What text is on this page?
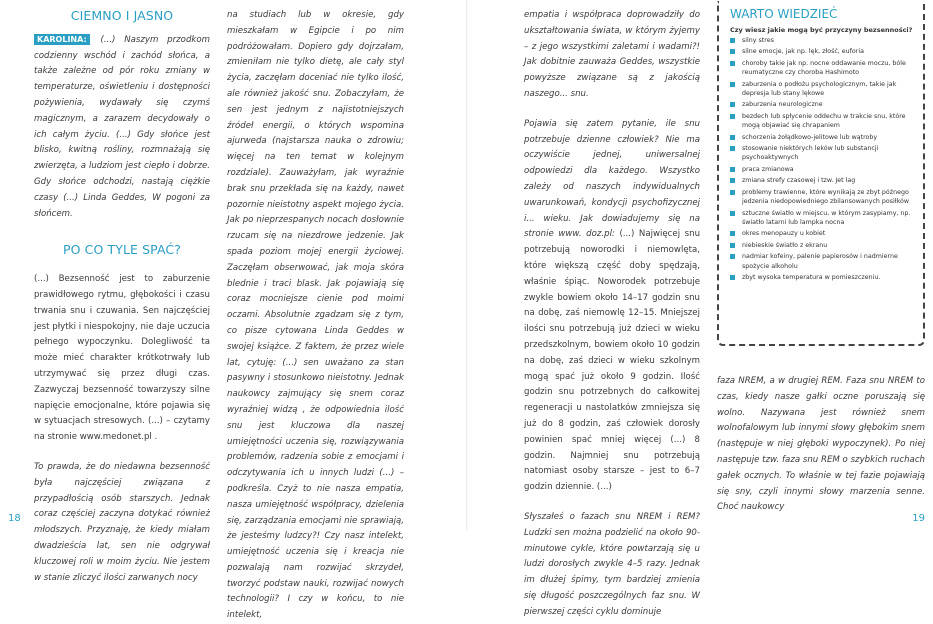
CIEMNO I JASNO

KAROLINA: (...) Naszym przodkom codzienny wschód i zachód słońca, a także zależne od pór roku zmiany w temperaturze, oświetleniu i dostępności pożywienia, wydawały się czymś magicznym, a zarazem decydowały o ich całym życiu. (...) Gdy słońce jest blisko, kwitną rośliny, rozmnażają się zwierzęta, a ludziom jest ciepło i dobrze. Gdy słońce odchodzi, nastają ciężkie czasy (...) Linda Geddes, W pogoni za słońcem.

PO CO TYLE SPAĆ?

(...) Bezsenność jest to zaburzenie prawidłowego rytmu, głębokości i czasu trwania snu i czuwania. Sen najczęściej jest płytki i niespokojny, nie daje uczucia pełnego wypoczynku. Dolegliwość ta może mieć charakter krótkotrwały lub utrzymywać się przez długi czas. Zazwyczaj bezsenność towarzyszy silne napięcie emocjonalne, które pojawia się w sytuacjach stresowych. (...) – czytamy na stronie www.medonet.pl .

To prawda, że do niedawna bezsenność była najczęściej związana z przypadłością osób starszych. Jednak coraz częściej zaczyna dotykać również młodszych. Przyznaję, że kiedy miałam dwadzieścia lat, sen nie odgrywał kluczowej roli w moim życiu. Nie jestem w stanie zliczyć ilości zarwanych nocy

na studiach lub w okresie, gdy mieszkałam w Egipcie i po nim podróżowałam. Dopiero gdy dojrzałam, zmieniłam nie tylko dietę, ale cały styl życia, zaczęłam doceniać nie tylko ilość, ale również jakość snu. Zobaczyłam, że sen jest jednym z najistotniejszych źródeł energii, o których wspomina ajurweda (najstarsza nauka o zdrowiu; więcej na ten temat w kolejnym rozdziale). Zauważyłam, jak wyraźnie brak snu przekłada się na każdy, nawet pozornie nieistotny aspekt mojego życia. Jak po nieprzespanych nocach dosłownie rzucam się na niezdrowe jedzenie. Jak spada poziom mojej energii życiowej. Zaczęłam obserwować, jak moja skóra blednie i traci blask. Jak pojawiają się coraz mocniejsze cienie pod moimi oczami. Absolutnie zgadzam się z tym, co pisze cytowana Linda Geddes w swojej książce. Z faktem, że przez wiele lat, cytuję: (...) sen uważano za stan pasywny i stosunkowo nieistotny. Jednak naukowcy zajmujący się snem coraz wyraźniej widzą , że odpowiednia ilość snu jest kluczowa dla naszej umiejętności uczenia się, rozwiązywania problemów, radzenia sobie z emocjami i odczytywania ich u innych ludzi (...) – podkreśla. Czyż to nie nasza empatia, nasza umiejętność współpracy, dzielenia się, zarządzania emocjami nie sprawiają, że jesteśmy ludzcy?! Czy nasz intelekt, umiejętność uczenia się i kreacja nie pozwalają nam rozwijać skrzydeł, tworzyć podstaw nauki, rozwijać nowych technologii? I czy w końcu, to nie intelekt,

18

empatia i współpraca doprowadziły do ukształtowania świata, w którym żyjemy – z jego wszystkimi zaletami i wadami?! Jak dobitnie zauważa Geddes, wszystkie powyższe związane są z jakością naszego... snu.

Pojawia się zatem pytanie, ile snu potrzebuje dzienne człowiek? Nie ma oczywiście jednej, uniwersalnej odpowiedzi dla każdego. Wszystko zależy od naszych indywidualnych uwarunkowań, kondycji psychofizycznej i... wieku. Jak dowiadujemy się na stronie www. doz.pl: (...) Najwięcej snu potrzebują noworodki i niemowlęta, które większą część doby spędzają, właśnie śpiąc. Noworodek potrzebuje zwykle bowiem około 14–17 godzin snu na dobę, zaś niemowlę 12–15. Mniejszej ilości snu potrzebują już dzieci w wieku przedszkolnym, bowiem około 10 godzin na dobę, zaś dzieci w wieku szkolnym mogą spać już około 9 godzin. Ilość godzin snu potrzebnych do całkowitej regeneracji u nastolatków zmniejsza się już do 8 godzin, zaś człowiek dorosły powinien spać mniej więcej (...) 8 godzin. Najmniej snu potrzebują natomiast osoby starsze – jest to 6–7 godzin dziennie. (...)

Słyszałeś o fazach snu NREM i REM? Ludzki sen można podzielić na około 90-minutowe cykle, które powtarzają się u ludzi dorosłych zwykle 4–5 razy. Jednak im dłużej śpimy, tym bardziej zmienia się długość poszczególnych faz snu. W pierwszej części cyklu dominuje

faza NREM, a w drugiej REM. Faza snu NREM to czas, kiedy nasze gałki oczne poruszają się wolno. Nazywana jest również snem wolnofalowym lub innymi słowy głębokim snem (następuje w niej głęboki wypoczynek). Po niej następuje tzw. faza snu REM o szybkich ruchach gałek ocznych. To właśnie w tej fazie pojawiają się sny, czyli innymi słowy marzenia senne. Choć naukowcy

WARTO WIEDZIEĆ
Czy wiesz jakie mogą być przyczyny bezsenności?
silny stres
silne emocje, jak np. lęk, złość, euforia
choroby takie jak np. nocne oddawanie moczu, bóle reumatyczne czy choroba Hashimoto
zaburzenia o podłożu psychologicznym, takie jak depresja lub stany lękowe
zaburzenia neurologiczne
bezdech lub spłycenie oddechu w trakcie snu, które mogą objawiać się chrapaniem
schorzenia żołądkowo-jelitowe lub wątroby
stosowanie niektórych leków lub substancji psychoaktywnych
praca zmianowa
zmiana strefy czasowej i tzw. Jet lag
problemy trawienne, które wynikają ze zbyt późnego jedzenia niedopowiedniego zbilansowanych posiłków
sztuczne światło w miejscu, w którym zasypiamy, np. światło latarni lub lampka nocna
okres menopauzy u kobiet
niebieskie światło z ekranu
nadmiar kofeiny, palenie papierosów i nadmierne spożycie alkoholu
zbyt wysoka temperatura w pomieszczeniu.
19
